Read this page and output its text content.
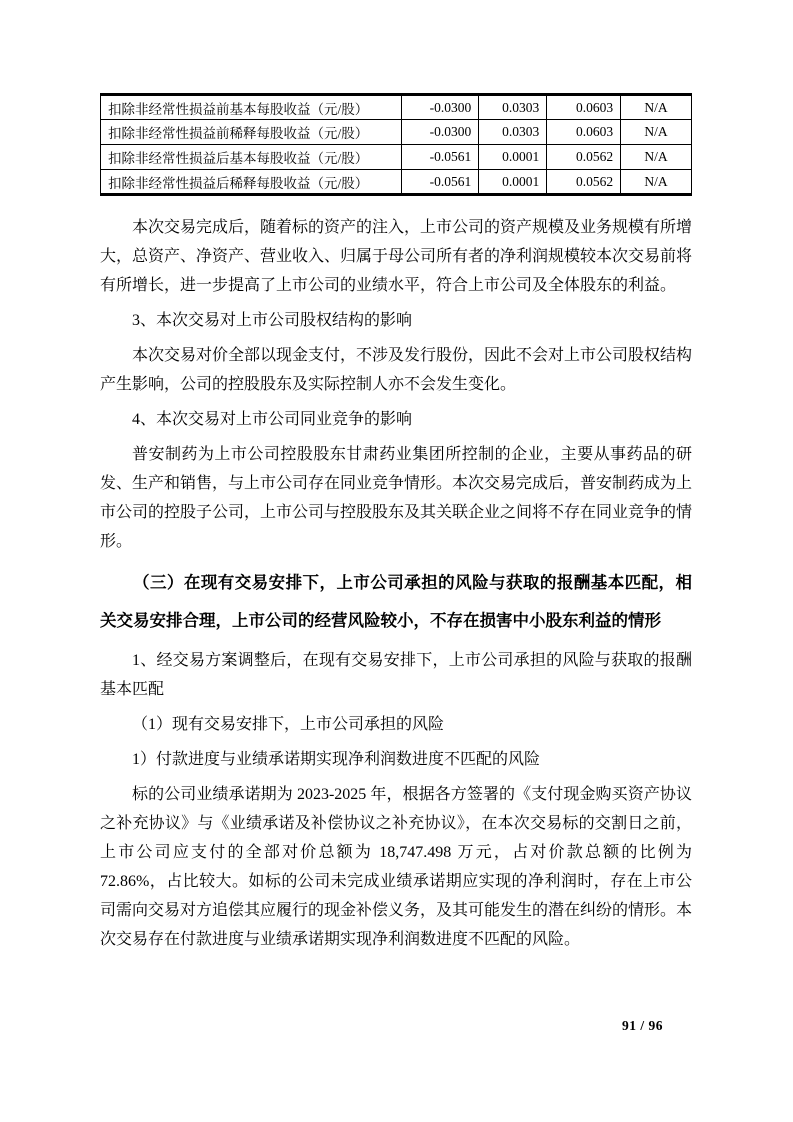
扣除非经常性损益前基本每股收益（元/股）	-0.0300	0.0303	0.0603	N/A
扣除非经常性损益前稀释每股收益（元/股）	-0.0300	0.0303	0.0603	N/A
扣除非经常性损益后基本每股收益（元/股）	-0.0561	0.0001	0.0562	N/A
扣除非经常性损益后稀释每股收益（元/股）	-0.0561	0.0001	0.0562	N/A

本次交易完成后，随着标的资产的注入，上市公司的资产规模及业务规模有所增大，总资产、净资产、营业收入、归属于母公司所有者的净利润规模较本次交易前将有所增长，进一步提高了上市公司的业绩水平，符合上市公司及全体股东的利益。

3、本次交易对上市公司股权结构的影响

本次交易对价全部以现金支付，不涉及发行股份，因此不会对上市公司股权结构产生影响，公司的控股股东及实际控制人亦不会发生变化。

4、本次交易对上市公司同业竞争的影响

普安制药为上市公司控股股东甘肃药业集团所控制的企业，主要从事药品的研发、生产和销售，与上市公司存在同业竞争情形。本次交易完成后，普安制药成为上市公司的控股子公司，上市公司与控股股东及其关联企业之间将不存在同业竞争的情形。

（三）在现有交易安排下，上市公司承担的风险与获取的报酬基本匹配，相关交易安排合理，上市公司的经营风险较小，不存在损害中小股东利益的情形

1、经交易方案调整后，在现有交易安排下，上市公司承担的风险与获取的报酬基本匹配

（1）现有交易安排下，上市公司承担的风险

1）付款进度与业绩承诺期实现净利润数进度不匹配的风险

标的公司业绩承诺期为 2023-2025 年，根据各方签署的《支付现金购买资产协议之补充协议》与《业绩承诺及补偿协议之补充协议》，在本次交易标的交割日之前，上市公司应支付的全部对价总额为 18,747.498 万元，占对价款总额的比例为 72.86%，占比较大。如标的公司未完成业绩承诺期应实现的净利润时，存在上市公司需向交易对方追偿其应履行的现金补偿义务，及其可能发生的潜在纠纷的情形。本次交易存在付款进度与业绩承诺期实现净利润数进度不匹配的风险。

91 / 96
